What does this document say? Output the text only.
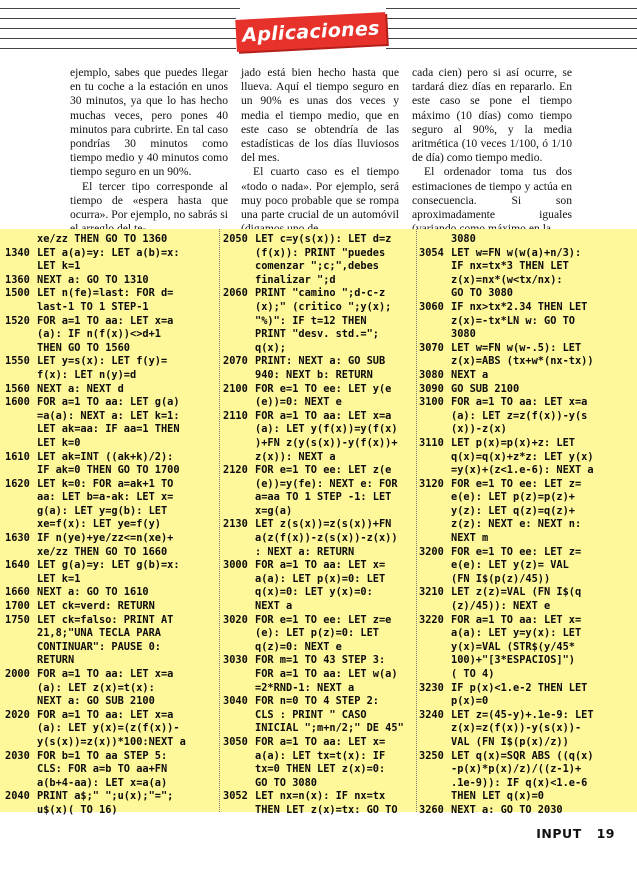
Aplicaciones

ejemplo, sabes que puedes llegar en tu coche a la estación en unos 30 minutos, ya que lo has hecho muchas veces, pero pones 40 minutos para cubrirte. En tal caso pondrías 30 minutos como tiempo medio y 40 minutos como tiempo seguro en un 90%.

El tercer tipo corresponde al tiempo de «espera hasta que ocurra». Por ejemplo, no sabrás si

jado está bien hecho hasta que llueva. Aquí el tiempo seguro en un 90% es unas dos veces y media el tiempo medio, que en este caso se obtendría de las estadísticas de los días lluviosos del mes.

El cuarto caso es el tiempo «todo o nada». Por ejemplo, será muy poco probable que se rompa una parte crucial de un automóvil

cada cien) pero si así ocurre, se tardará diez días en repararlo. En este caso se pone el tiempo máximo (10 días) como tiempo seguro al 90%, y la media aritmética (10 veces 1/100, ó 1/10 de día) como tiempo medio.

El ordenador toma tus dos estimaciones de tiempo y actúa en consecuencia. Si son aproximadamente iguales

xe/zz THEN GO TO 1360
1340 LET a(a)=y: LET a(b)=x:
LET k=1
1360 NEXT a: GO TO 1310
1500 LET n(fe)=last: FOR d=
last-1 TO 1 STEP-1
1520 FOR a=1 TO aa: LET x=a
(a): IF n(f(x))<>d+1
THEN GO TO 1560
1550 LET y=s(x): LET f(y)=
f(x): LET n(y)=d
1560 NEXT a: NEXT d
1600 FOR a=1 TO aa: LET g(a)
=a(a): NEXT a: LET k=1:
LET ak=aa: IF aa=1 THEN
LET k=0
1610 LET ak=INT ((ak+k)/2):
IF ak=0 THEN GO TO 1700
1620 LET k=0: FOR a=ak+1 TO
aa: LET b=a-ak: LET x=
g(a): LET y=g(b): LET
xe=f(x): LET ye=f(y)
1630 IF n(ye)+ye/zz<=n(xe)+
xe/zz THEN GO TO 1660
1640 LET g(a)=y: LET g(b)=x:
LET k=1
1660 NEXT a: GO TO 1610
1700 LET ck=verd: RETURN
1750 LET ck=falso: PRINT AT
21,8;"UNA TECLA PARA
CONTINUAR": PAUSE 0:
RETURN
2000 FOR a=1 TO aa: LET x=a
(a): LET z(x)=t(x):
NEXT a: GO SUB 2100
2020 FOR a=1 TO aa: LET x=a
(a): LET y(x)=(z(f(x))-
y(s(x))=z(x))*100:NEXT a
2030 FOR b=1 TO aa STEP 5:
CLS: FOR a=b TO aa+FN
a(b+4-aa): LET x=a(a)
2040 PRINT a$;" ";u(x);"=";
u$(x)( TO 16)
2050 LET c=y(s(x)): LET d=z
(f(x)): PRINT "puedes
comenzar ";c;",debes
finalizar ";d
2060 PRINT "camino ";d-c-z
(x);" (critico ";y(x);
"%)": IF t=12 THEN
PRINT "desv. std.=";
q(x);
2070 PRINT: NEXT a: GO SUB
940: NEXT b: RETURN
2100 FOR e=1 TO ee: LET y(e
(e))=0: NEXT e
2110 FOR a=1 TO aa: LET x=a
(a): LET y(f(x))=y(f(x)
)+FN z(y(s(x))-y(f(x))+
z(x)): NEXT a
2120 FOR e=1 TO ee: LET z(e
(e))=y(fe): NEXT e: FOR
a=aa TO 1 STEP -1: LET
x=g(a)
2130 LET z(s(x))=z(s(x))+FN
a(z(f(x))-z(s(x))-z(x))
: NEXT a: RETURN
3000 FOR a=1 TO aa: LET x=
a(a): LET p(x)=0: LET
q(x)=0: LET y(x)=0:
NEXT a
3020 FOR e=1 TO ee: LET z=e
(e): LET p(z)=0: LET
q(z)=0: NEXT e
3030 FOR m=1 TO 43 STEP 3:
FOR a=1 TO aa: LET w(a)
=2*RND-1: NEXT a
3040 FOR n=0 TO 4 STEP 2:
CLS : PRINT " CASO
INICIAL ";m+n/2;" DE 45"
3050 FOR a=1 TO aa: LET x=
a(a): LET tx=t(x): IF
tx=0 THEN LET z(x)=0:
GO TO 3080
3052 LET nx=n(x): IF nx=tx
THEN LET z(x)=tx: GO TO
3080
3054 LET w=FN w(w(a)+n/3):
IF nx=tx*3 THEN LET
z(x)=nx*(w<tx/nx):
GO TO 3080
3060 IF nx>tx*2.34 THEN LET
z(x)=-tx*LN w: GO TO
3080
3070 LET w=FN w(w-.5): LET
z(x)=ABS (tx+w*(nx-tx))
3080 NEXT a
3090 GO SUB 2100
3100 FOR a=1 TO aa: LET x=a
(a): LET z=z(f(x))-y(s
(x))-z(x)
3110 LET p(x)=p(x)+z: LET
q(x)=q(x)+z*z: LET y(x)
=y(x)+(z<1.e-6): NEXT a
3120 FOR e=1 TO ee: LET z=
e(e): LET p(z)=p(z)+
y(z): LET q(z)=q(z)+
z(z): NEXT e: NEXT n:
NEXT m
3200 FOR e=1 TO ee: LET z=
e(e): LET y(z)= VAL
(FN I$(p(z)/45))
3210 LET z(z)=VAL (FN I$(q
(z)/45)): NEXT e
3220 FOR a=1 TO aa: LET x=
a(a): LET y=y(x): LET
y(x)=VAL (STR$(y/45*
100)+"[3*ESPACIOS]")
( TO 4)
3230 IF p(x)<1.e-2 THEN LET
p(x)=0
3240 LET z=(45-y)+.1e-9: LET
z(x)=z(f(x))-y(s(x))-
VAL (FN I$(p(x)/z))
3250 LET q(x)=SQR ABS ((q(x)
-p(x)*p(x)/z)/((z-1)+
.1e-9)): IF q(x)<1.e-6
THEN LET q(x)=0
3260 NEXT a: GO TO 2030
INPUT 19
